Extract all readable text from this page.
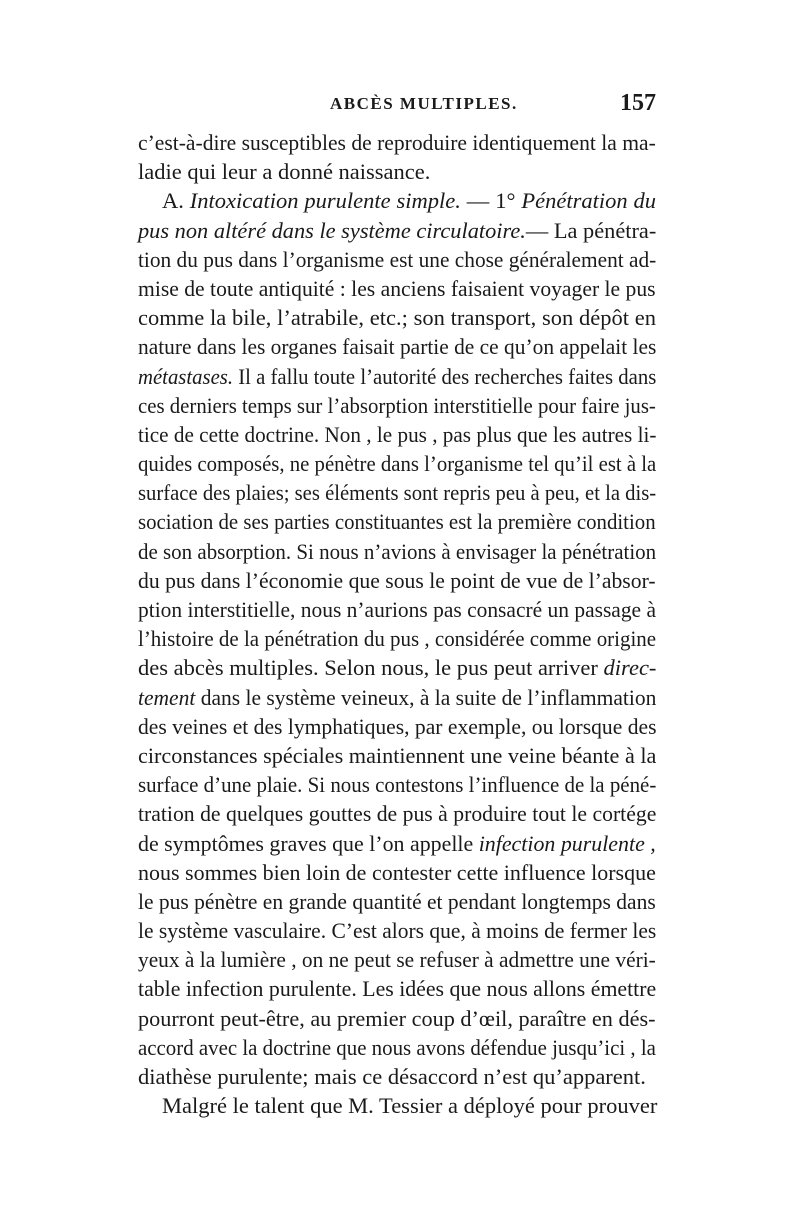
ABCÈS MULTIPLES.	157
c’est-à-dire susceptibles de reproduire identiquement la ma-
ladie qui leur a donné naissance.
A. Intoxication purulente simple. — 1° Pénétration du
pus non altéré dans le système circulatoire.— La pénétra-
tion du pus dans l’organisme est une chose généralement ad-
mise de toute antiquité : les anciens faisaient voyager le pus
comme la bile, l’atrabile, etc.; son transport, son dépôt en
nature dans les organes faisait partie de ce qu’on appelait les
métastases. Il a fallu toute l’autorité des recherches faites dans
ces derniers temps sur l’absorption interstitielle pour faire jus-
tice de cette doctrine. Non , le pus , pas plus que les autres li-
quides composés, ne pénètre dans l’organisme tel qu’il est à la
surface des plaies; ses éléments sont repris peu à peu, et la dis-
sociation de ses parties constituantes est la première condition
de son absorption. Si nous n’avions à envisager la pénétration
du pus dans l’économie que sous le point de vue de l’absor-
ption interstitielle, nous n’aurions pas consacré un passage à
l’histoire de la pénétration du pus , considérée comme origine
des abcès multiples. Selon nous, le pus peut arriver direc-
tement dans le système veineux, à la suite de l’inflammation
des veines et des lymphatiques, par exemple, ou lorsque des
circonstances spéciales maintiennent une veine béante à la
surface d’une plaie. Si nous contestons l’influence de la péné-
tration de quelques gouttes de pus à produire tout le cortége
de symptômes graves que l’on appelle infection purulente ,
nous sommes bien loin de contester cette influence lorsque
le pus pénètre en grande quantité et pendant longtemps dans
le système vasculaire. C’est alors que, à moins de fermer les
yeux à la lumière , on ne peut se refuser à admettre une véri-
table infection purulente. Les idées que nous allons émettre
pourront peut-être, au premier coup d’œil, paraître en dés-
accord avec la doctrine que nous avons défendue jusqu’ici , la
diathèse purulente; mais ce désaccord n’est qu’apparent.
Malgré le talent que M. Tessier a déployé pour prouver
